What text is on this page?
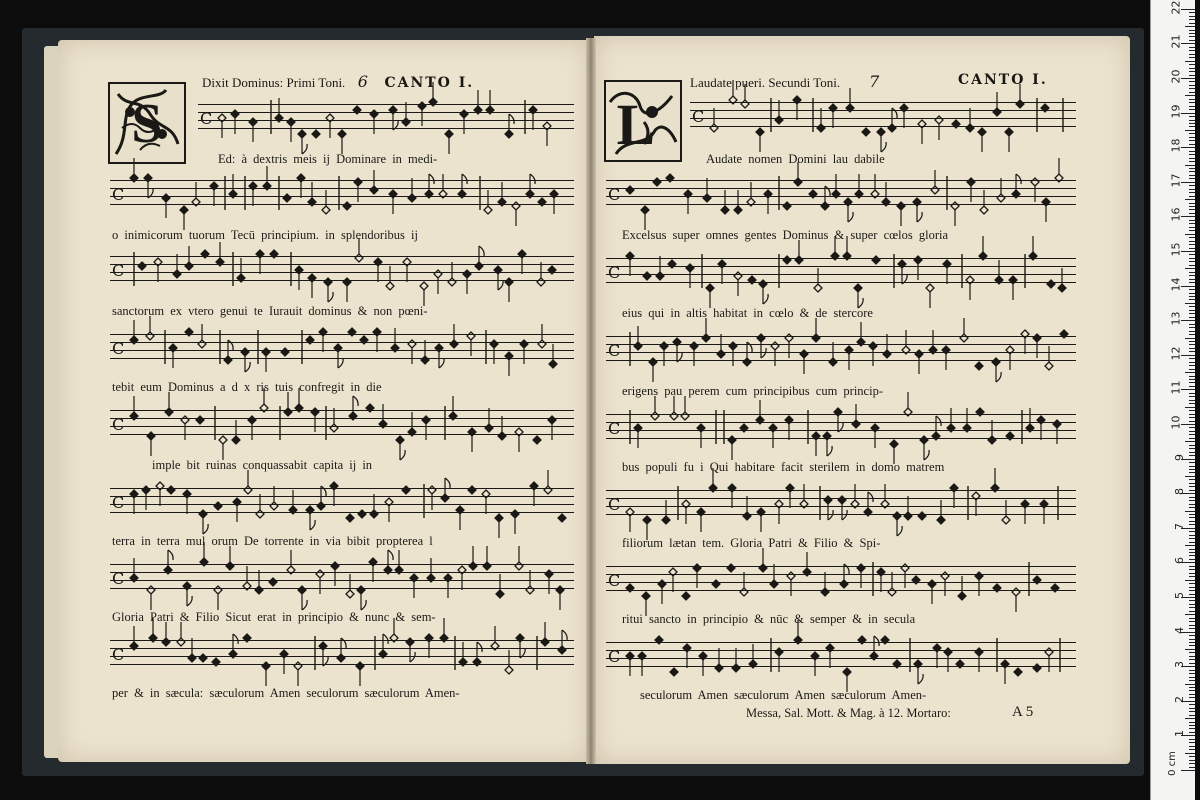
Dixit Dominus: Primi Toni. 6 CANTO I.	Laudate pueri. Secundi Toni. 7	CANTO I.
S	L
C
C
C
C
C
C
C
C
Ed: à dextris meis ij Dominare in medi-
o inimicorum tuorum Tecū principium. in splendoribus ij
sanctorum ex vtero genui te Iurauit dominus & non pœni-
tebit eum Dominus a d x ris tuis confregit in die
imple bit ruinas conquassabit capita ij in
terra in terra mul orum De torrente in via bibit propterea l
Gloria Patri & Filio Sicut erat in principio & nunc & sem-
per & in sæcula: sæculorum Amen seculorum sæculorum Amen-
C
C
C
C
C
C
C
C
Audate nomen Domini lau dabile
Excelsus super omnes gentes Dominus & super cœlos gloria
eius qui in altis habitat in cœlo & de stercore
erigens pau perem cum principibus cum princip-
bus populi fu i Qui habitare facit sterilem in domo matrem
filiorum lætan tem. Gloria Patri & Filio & Spi-
ritui sancto in principio & nūc & semper & in secula
seculorum Amen sæculorum Amen sæculorum Amen-
Messa, Sal. Mott. & Mag. à 12. Mortaro:	A 5
0 cm
1
2
3
4
5
6
7
8
9
10
11
12
13
14
15
16
17
18
19
20
21
22
